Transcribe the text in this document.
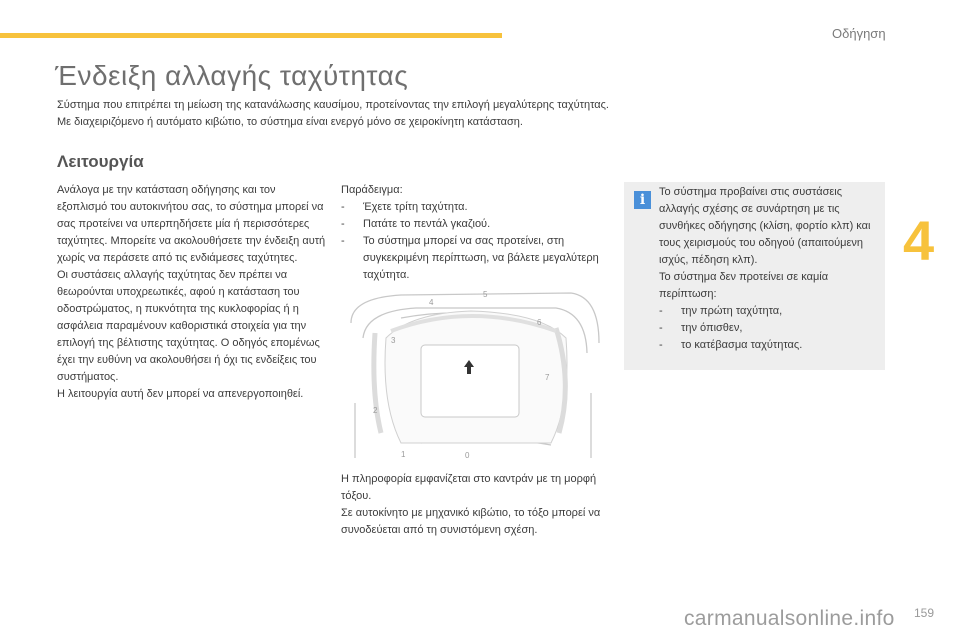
Οδήγηση
4
Ένδειξη αλλαγής ταχύτητας
Σύστημα που επιτρέπει τη μείωση της κατανάλωσης καυσίμου, προτείνοντας την επιλογή μεγαλύτερης ταχύτητας.
Με διαχειριζόμενο ή αυτόματο κιβώτιο, το σύστημα είναι ενεργό μόνο σε χειροκίνητη κατάσταση.
Λειτουργία

Ανάλογα με την κατάσταση οδήγησης και τον εξοπλισμό του αυτοκινήτου σας, το σύστημα μπορεί να σας προτείνει να υπερπηδήσετε μία ή περισσότερες ταχύτητες. Μπορείτε να ακολουθήσετε την ένδειξη αυτή χωρίς να περάσετε από τις ενδιάμεσες ταχύτητες.

Οι συστάσεις αλλαγής ταχύτητας δεν πρέπει να θεωρούνται υποχρεωτικές, αφού η κατάσταση του οδοστρώματος, η πυκνότητα της κυκλοφορίας ή η ασφάλεια παραμένουν καθοριστικά στοιχεία για την επιλογή της βέλτιστης ταχύτητας. Ο οδηγός επομένως έχει την ευθύνη να ακολουθήσει ή όχι τις ενδείξεις του συστήματος.

Η λειτουργία αυτή δεν μπορεί να απενεργοποιηθεί.

Παράδειγμα:

- Έχετε τρίτη ταχύτητα.
- Πατάτε το πεντάλ γκαζιού.
- Το σύστημα μπορεί να σας προτείνει, στη συγκεκριμένη περίπτωση, να βάλετε μεγαλύτερη ταχύτητα.
0
1
2
3
4
5
6
7

Η πληροφορία εμφανίζεται στο καντράν με τη μορφή τόξου.

Σε αυτοκίνητο με μηχανικό κιβώτιο, το τόξο μπορεί να συνοδεύεται από τη συνιστόμενη σχέση.

i	Το σύστημα προβαίνει στις συστάσεις αλλαγής σχέσης σε συνάρτηση με τις συνθήκες οδήγησης (κλίση, φορτίο κλπ) και τους χειρισμούς του οδηγού (απαιτούμενη ισχύς, πέδηση κλπ).

Το σύστημα δεν προτείνει σε καμία περίπτωση:

- την πρώτη ταχύτητα,
- την όπισθεν,
- το κατέβασμα ταχύτητας.
159
carmanualsonline.info
